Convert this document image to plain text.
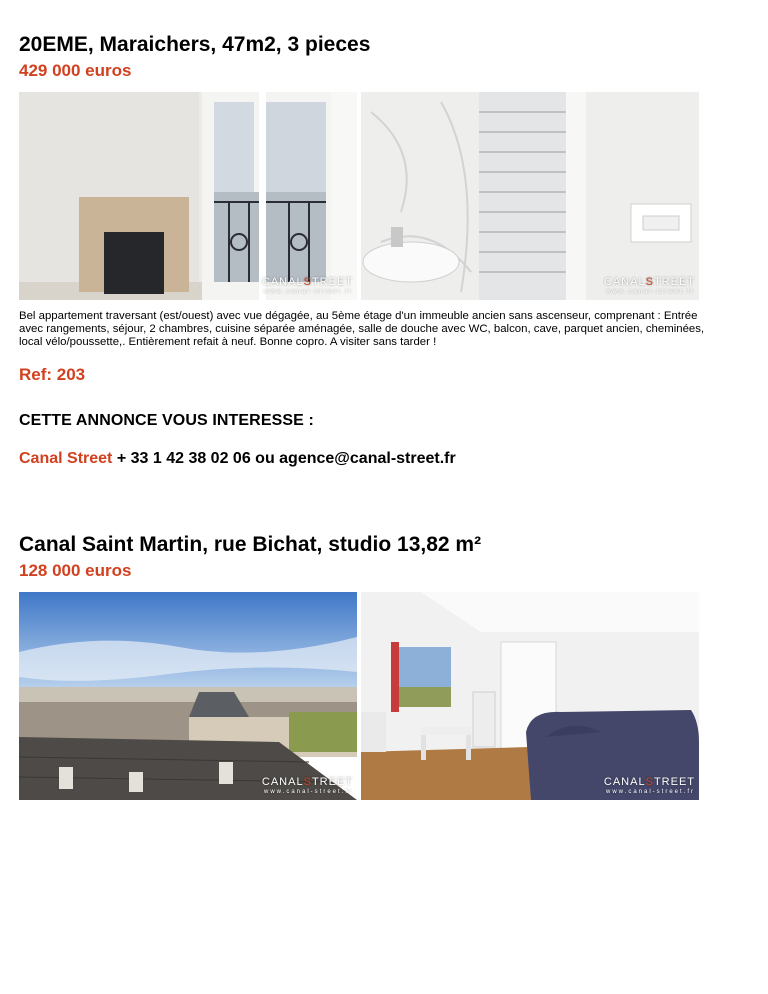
20EME, Maraichers, 47m2, 3 pieces
429 000 euros
CANALSTREET
www.canal-street.fr
CANALSTREET
www.canal-street.fr
Bel appartement traversant (est/ouest) avec vue dégagée, au 5ème étage d'un immeuble ancien sans ascenseur, comprenant : Entrée avec rangements, séjour, 2 chambres, cuisine séparée aménagée, salle de douche avec WC, balcon, cave, parquet ancien, cheminées, local vélo/poussette,. Entièrement refait à neuf. Bonne copro. A visiter sans tarder !
Ref: 203
CETTE ANNONCE VOUS INTERESSE :
Canal Street + 33 1 42 38 02 06 ou agence@canal-street.fr
Canal Saint Martin, rue Bichat, studio 13,82 m²
128 000 euros
CANALSTREET
www.canal-street.fr
CANALSTREET
www.canal-street.fr
